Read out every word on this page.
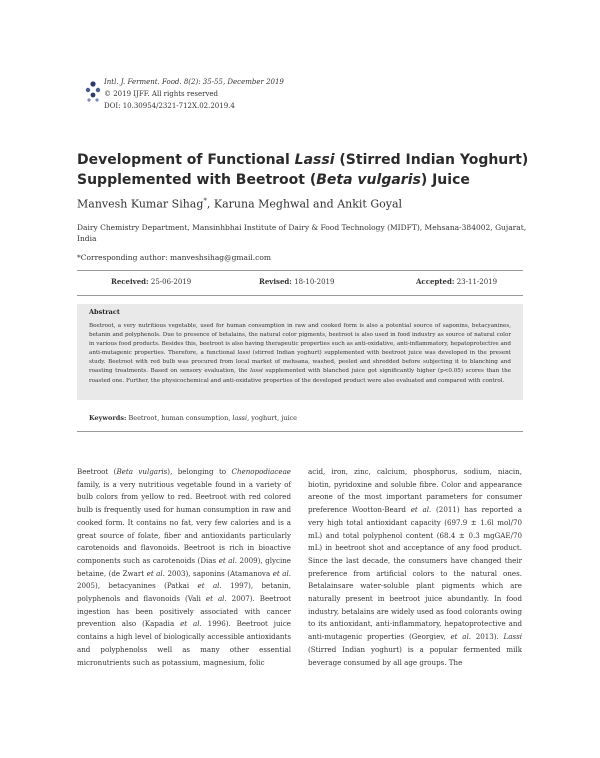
Intl. J. Ferment. Food. 8(2): 35-55, December 2019
© 2019 IJFF. All rights reserved
DOI: 10.30954/2321-712X.02.2019.4
Development of Functional Lassi (Stirred Indian Yoghurt) Supplemented with Beetroot (Beta vulgaris) Juice
Manvesh Kumar Sihag*, Karuna Meghwal and Ankit Goyal
Dairy Chemistry Department, Mansinhbhai Institute of Dairy & Food Technology (MIDFT), Mehsana-384002, Gujarat, India
*Corresponding author: manveshsihag@gmail.com
Received: 25-06-2019	Revised: 18-10-2019	Accepted: 23-11-2019
Abstract
Beetroot, a very nutritious vegetable, used for human consumption in raw and cooked form is also a potential source of saponins, betacyanines, betanin and polyphenols. Due to presence of betalains, the natural color pigments, beetroot is also used in food industry as source of natural color in various food products. Besides this, beetroot is also having therapeutic properties such as anti-oxidative, anti-inflammatory, hepatoprotective and anti-mutagenic properties. Therefore, a functional lassi (stirred Indian yoghurt) supplemented with beetroot juice was developed in the present study. Beetroot with red bulb was procured from local market of mehsana, washed, peeled and shredded before subjecting it to blanching and roasting treatments. Based on sensory evaluation, the lassi supplemented with blanched juice got significantly higher (p<0.05) scores than the roasted one. Further, the physicochemical and anti-oxidative properties of the developed product were also evaluated and compared with control.
Keywords: Beetroot, human consumption, lassi, yoghurt, juice

Beetroot (Beta vulgaris), belonging to Chenopodiaceae family, is a very nutritious vegetable found in a variety of bulb colors from yellow to red. Beetroot with red colored bulb is frequently used for human consumption in raw and cooked form. It contains no fat, very few calories and is a great source of folate, fiber and antioxidants particularly carotenoids and flavonoids. Beetroot is rich in bioactive components such as carotenoids (Dias et al. 2009), glycine betaine, (de Zwart et al. 2003), saponins (Atamanova et al. 2005), betacyanines (Patkai et al. 1997), betanin, polyphenols and flavonoids (Vali et al. 2007). Beetroot ingestion has been positively associated with cancer prevention also (Kapadia et al. 1996). Beetroot juice contains a high level of biologically accessible antioxidants and polyphenolss well as many other essential micronutrients such as potassium, magnesium, folic

acid, iron, zinc, calcium, phosphorus, sodium, niacin, biotin, pyridoxine and soluble fibre. Color and appearance areone of the most important parameters for consumer preference Wootton-Beard et al. (2011) has reported a very high total antioxidant capacity (697.9 ± 1.6l mol/70 mL) and total polyphenol content (68.4 ± 0.3 mgGAE/70 mL) in beetroot shot and acceptance of any food product. Since the last decade, the consumers have changed their preference from artificial colors to the natural ones. Betalainsare water-soluble plant pigments which are naturally present in beetroot juice abundantly. In food industry, betalains are widely used as food colorants owing to its antioxidant, anti-inflammatory, hepatoprotective and anti-mutagenic properties (Georgiev, et al. 2013). Lassi (Stirred Indian yoghurt) is a popular fermented milk beverage consumed by all age groups. The
